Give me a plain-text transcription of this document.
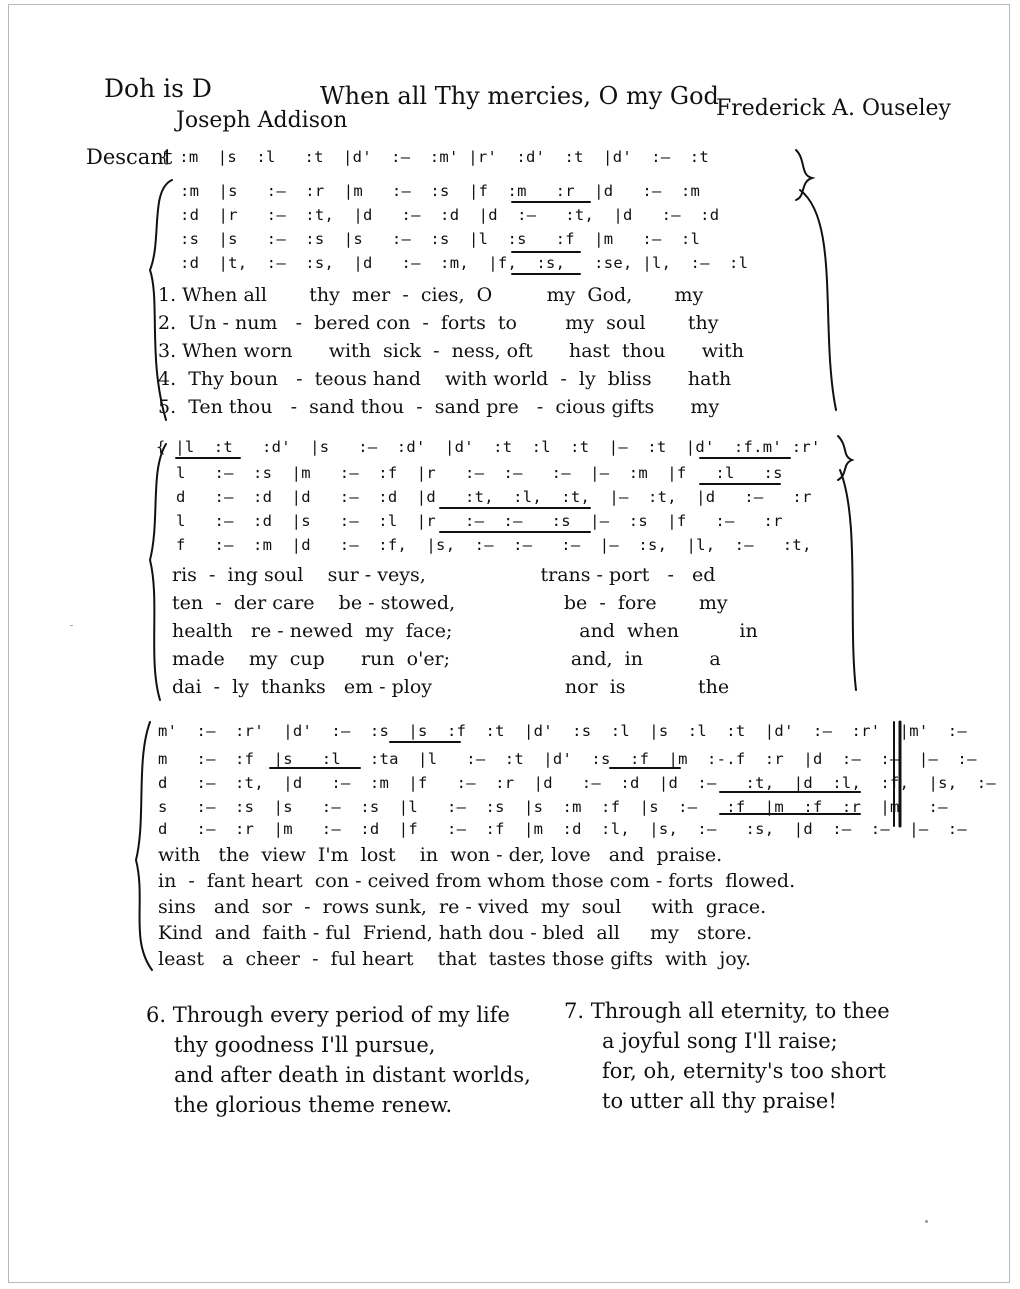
Doh is D	When all Thy mercies, O my God
Frederick A. Ouseley
Joseph Addison
Descant
{ :m  |s  :l   :t  |d'  :—  :m' |r'  :d'  :t  |d'  :—  :t
:m  |s   :—  :r  |m   :—  :s  |f  :m   :r  |d   :—  :m
:d  |r   :—  :t,  |d   :—  :d  |d  :—   :t,  |d   :—  :d
:s  |s   :—  :s  |s   :—  :s  |l  :s   :f  |m   :—  :l
:d  |t,  :—  :s,  |d   :—  :m,  |f,  :s,   :se, |l,  :—  :l
1. When all       thy  mer  -  cies,  O         my  God,       my
2.  Un - num   -  bered con  -  forts  to        my  soul       thy
3. When worn      with  sick  -  ness, oft      hast  thou      with
4.  Thy boun   -  teous hand    with world  -  ly  bliss      hath
5.  Ten thou   -  sand thou  -  sand pre   -  cious gifts      my
{ |l  :t   :d'  |s   :—  :d'  |d'  :t  :l  :t  |—  :t  |d'  :f.m' :r'
l   :—  :s  |m   :—  :f  |r   :—  :—   :—  |—  :m  |f   :l   :s
d   :—  :d  |d   :—  :d  |d   :t,  :l,  :t,  |—  :t,  |d   :—   :r
l   :—  :d  |s   :—  :l  |r   :—  :—   :s  |—  :s  |f   :—   :r
f   :—  :m  |d   :—  :f,  |s,  :—  :—   :—  |—  :s,  |l,  :—   :t,
ris  -  ing soul    sur - veys,                   trans - port   -   ed
ten  -  der care    be - stowed,                  be  -  fore       my
health   re - newed  my  face;                     and  when          in
made    my  cup      run  o'er;                    and,  in           a
dai  -  ly  thanks   em - ploy                      nor  is            the
m'  :—  :r'  |d'  :—  :s  |s  :f  :t  |d'  :s  :l  |s  :l  :t  |d'  :—  :r'  |m'  :—
m   :—  :f  |s   :l   :ta  |l   :—  :t  |d'  :s  :f  |m  :-.f  :r  |d  :—  :—  |—  :—
d   :—  :t,  |d   :—  :m  |f   :—  :r  |d   :—  :d  |d  :—   :t,  |d  :l,  :f,  |s,  :—
s   :—  :s  |s   :—  :s  |l   :—  :s  |s  :m  :f  |s  :—   :f  |m  :f  :r  |m   :—
d   :—  :r  |m   :—  :d  |f   :—  :f  |m  :d  :l,  |s,  :—   :s,  |d  :—  :—  |—  :—
with   the  view  I'm  lost    in  won - der, love   and  praise.
in  -  fant heart  con - ceived from whom those com - forts  flowed.
sins   and  sor  -  rows sunk,  re - vived  my  soul     with  grace.
Kind  and  faith - ful  Friend, hath dou - bled  all     my   store.
least   a  cheer  -  ful heart    that  tastes those gifts  with  joy.
6. Through every period of my life
thy goodness I'll pursue,
and after death in distant worlds,
the glorious theme renew.
7. Through all eternity, to thee
a joyful song I'll raise;
for, oh, eternity's too short
to utter all thy praise!
